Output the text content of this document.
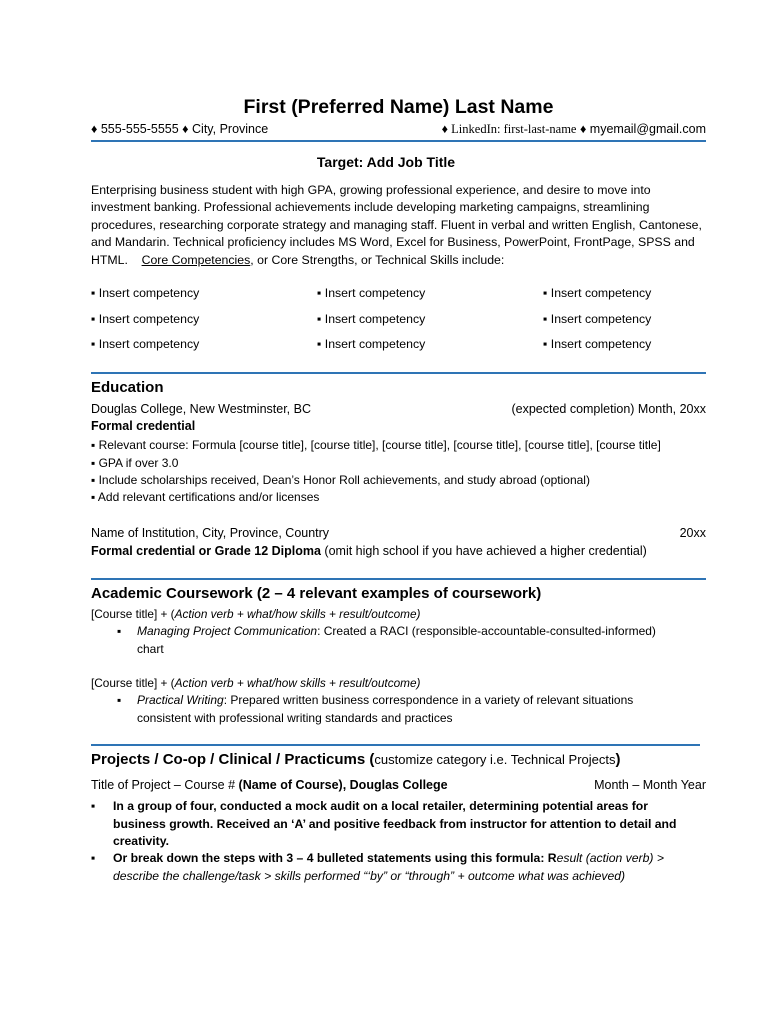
First (Preferred Name) Last Name
♦ 555-555-5555 ♦ City, Province	♦ LinkedIn: first-last-name ♦ myemail@gmail.com
Target: Add Job Title
Enterprising business student with high GPA, growing professional experience, and desire to move into investment banking. Professional achievements include developing marketing campaigns, streamlining procedures, researching corporate strategy and managing staff. Fluent in verbal and written English, Cantonese, and Mandarin. Technical proficiency includes MS Word, Excel for Business, PowerPoint, FrontPage, SPSS and HTML. Core Competencies, or Core Strengths, or Technical Skills include:
▪ Insert competency	▪ Insert competency	▪ Insert competency
▪ Insert competency	▪ Insert competency	▪ Insert competency
▪ Insert competency	▪ Insert competency	▪ Insert competency
Education
Douglas College, New Westminster, BC	(expected completion) Month, 20xx
Formal credential
▪ Relevant course: Formula [course title], [course title], [course title], [course title], [course title], [course title]
▪ GPA if over 3.0
▪ Include scholarships received, Dean’s Honor Roll achievements, and study abroad (optional)
▪ Add relevant certifications and/or licenses
Name of Institution, City, Province, Country	20xx
Formal credential or Grade 12 Diploma (omit high school if you have achieved a higher credential)
Academic Coursework (2 – 4 relevant examples of coursework)
[Course title] + (Action verb + what/how skills + result/outcome)
▪ Managing Project Communication: Created a RACI (responsible-accountable-consulted-informed) chart
[Course title] + (Action verb + what/how skills + result/outcome)
▪ Practical Writing: Prepared written business correspondence in a variety of relevant situations consistent with professional writing standards and practices
Projects / Co-op / Clinical / Practicums (customize category i.e. Technical Projects)
Title of Project – Course # (Name of Course), Douglas College	Month – Month Year
▪ In a group of four, conducted a mock audit on a local retailer, determining potential areas for business growth. Received an ‘A’ and positive feedback from instructor for attention to detail and creativity.
▪ Or break down the steps with 3 – 4 bulleted statements using this formula: Result (action verb) > describe the challenge/task > skills performed “‘by” or “through” + outcome what was achieved)
